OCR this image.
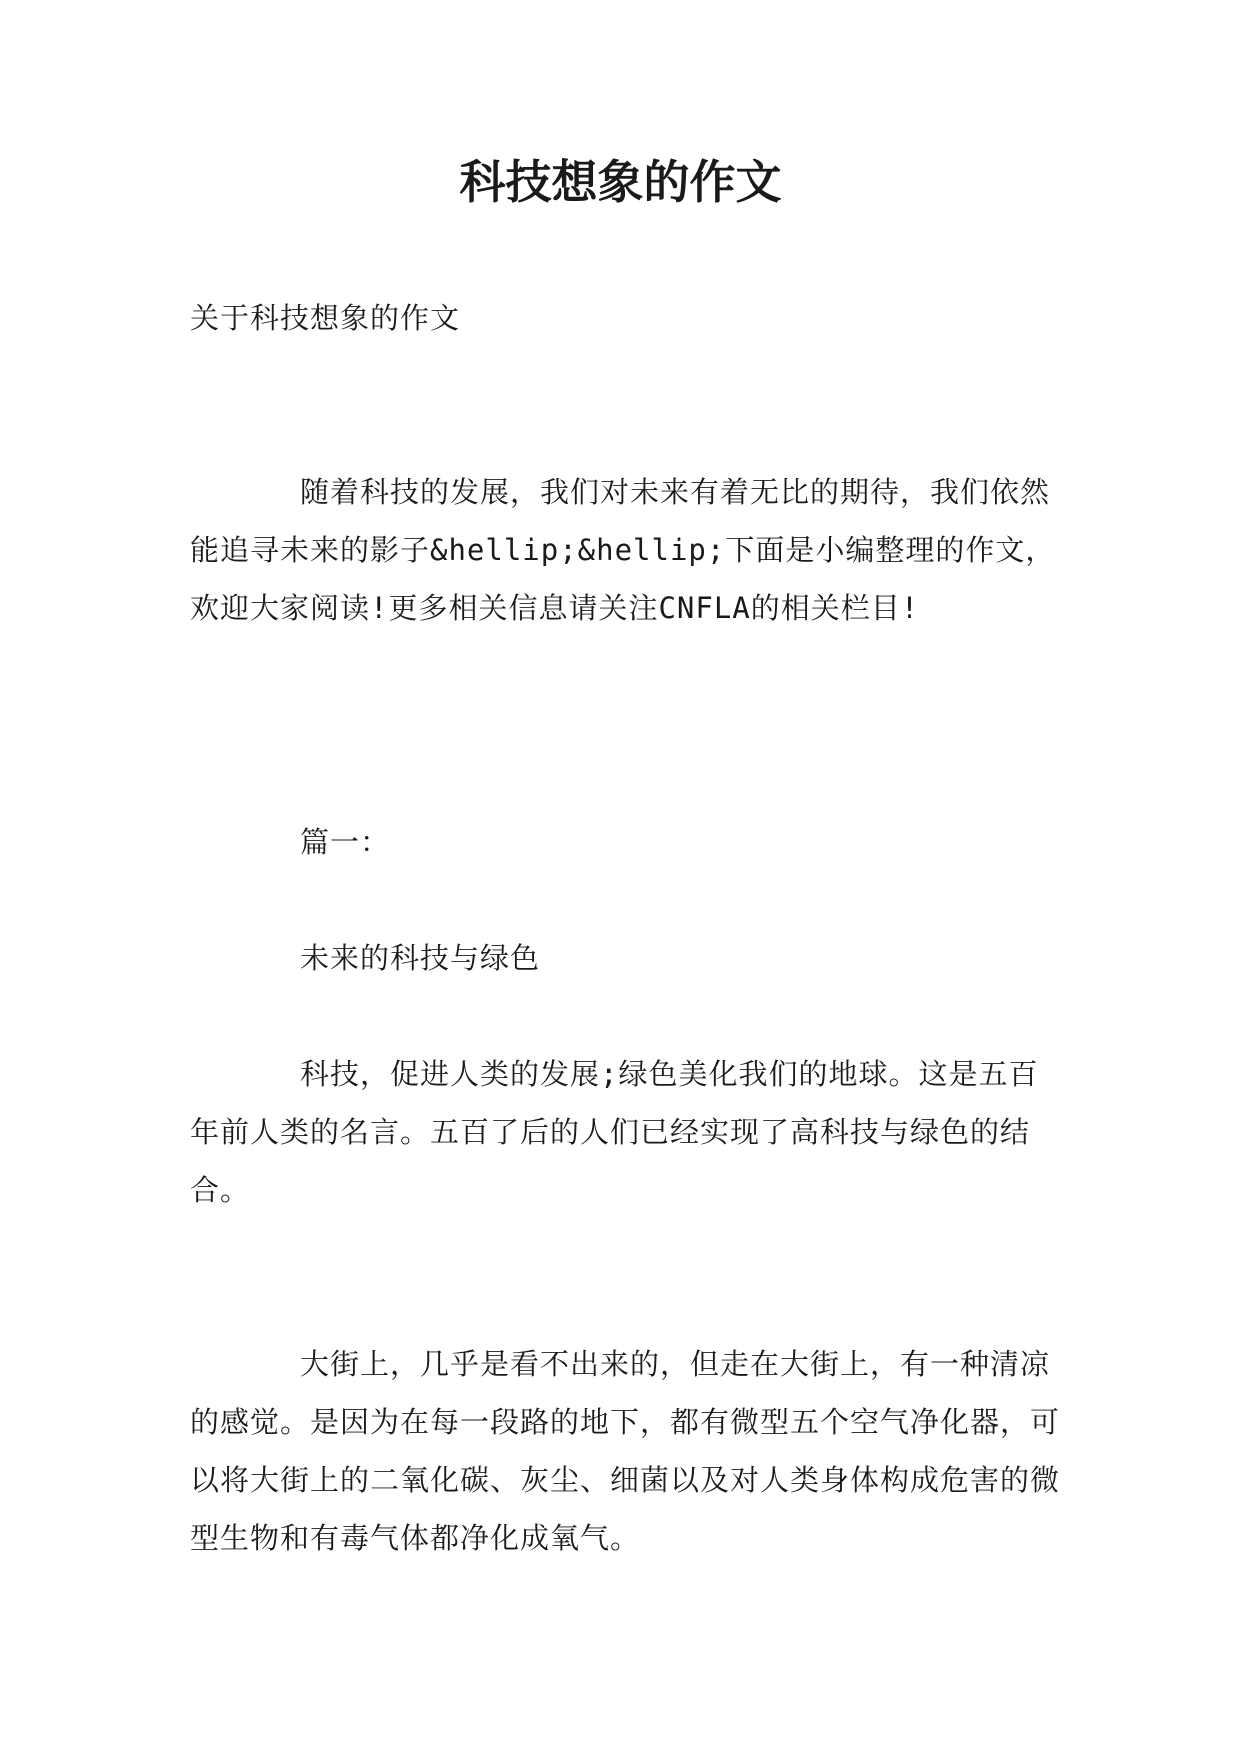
科技想象的作文

关于科技想象的作文

随着科技的发展，我们对未来有着无比的期待，我们依然能追寻未来的影子&hellip;&hellip;下面是小编整理的作文，欢迎大家阅读!更多相关信息请关注CNFLA的相关栏目!

篇一：

未来的科技与绿色

科技，促进人类的发展;绿色美化我们的地球。这是五百年前人类的名言。五百了后的人们已经实现了高科技与绿色的结合。

大街上，几乎是看不出来的，但走在大街上，有一种清凉的感觉。是因为在每一段路的地下，都有微型五个空气净化器，可以将大街上的二氧化碳、灰尘、细菌以及对人类身体构成危害的微型生物和有毒气体都净化成氧气。
